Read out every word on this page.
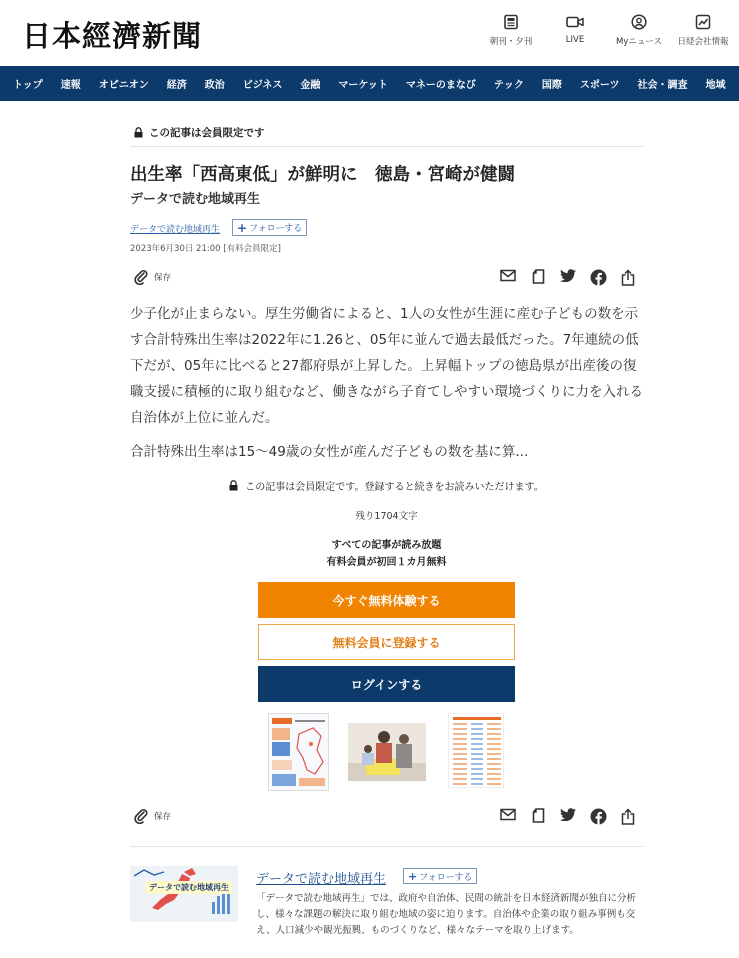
日本經濟新聞	朝刊・夕刊	LIVE	Myニュース	日経会社情報
トップ 速報 オピニオン 経済 政治 ビジネス 金融 マーケット マネーのまなび テック 国際 スポーツ 社会・調査 地域
この記事は会員限定です
出生率「西高東低」が鮮明に　徳島・宮崎が健闘
データで読む地域再生
データで読む地域再生 + フォローする
2023年6月30日 21:00 [有料会員限定]
保存

少子化が止まらない。厚生労働省によると、1人の女性が生涯に産む子どもの数を示す合計特殊出生率は2022年に1.26と、05年に並んで過去最低だった。7年連続の低下だが、05年に比べると27都府県が上昇した。上昇幅トップの徳島県が出産後の復職支援に積極的に取り組むなど、働きながら子育てしやすい環境づくりに力を入れる自治体が上位に並んだ。

合計特殊出生率は15〜49歳の女性が産んだ子どもの数を基に算...

この記事は会員限定です。登録すると続きをお読みいただけます。
残り1704文字
すべての記事が読み放題
有料会員が初回１カ月無料
今すぐ無料体験する
無料会員に登録する
ログインする
保存
データで読む地域再生
データで読む地域再生 + フォローする

「データで読む地域再生」では、政府や自治体、民間の統計を日本経済新聞が独自に分析し、様々な課題の解決に取り組む地域の姿に迫ります。自治体や企業の取り組み事例も交え、人口減少や観光振興、ものづくりなど、様々なテーマを取り上げます。
